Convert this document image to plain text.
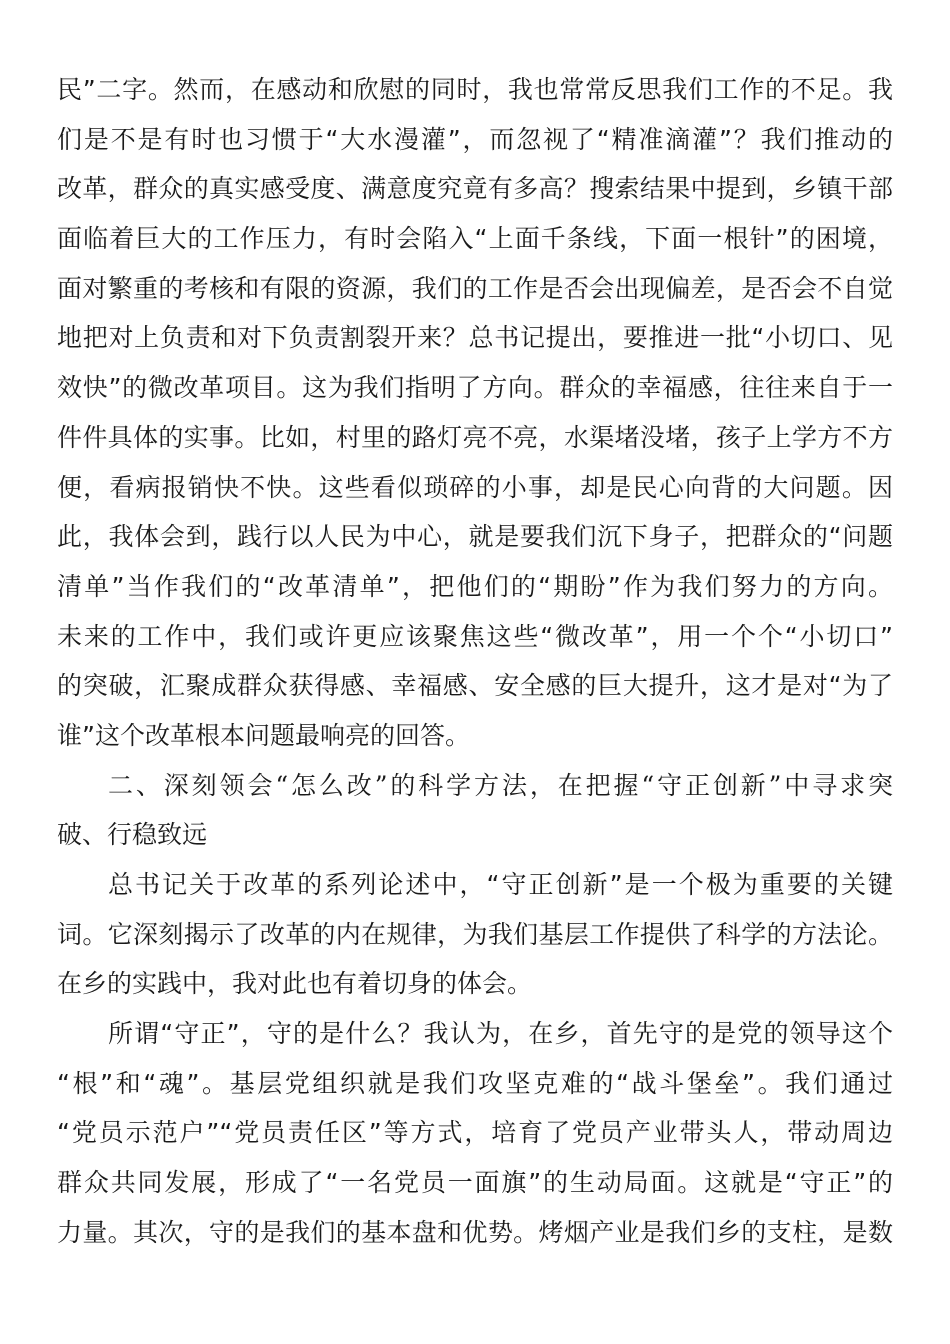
民”二字。然而，在感动和欣慰的同时，我也常常反思我们工作的不足。我
们是不是有时也习惯于“大水漫灌”，而忽视了“精准滴灌”？我们推动的
改革，群众的真实感受度、满意度究竟有多高？搜索结果中提到，乡镇干部
面临着巨大的工作压力，有时会陷入“上面千条线，下面一根针”的困境，
面对繁重的考核和有限的资源，我们的工作是否会出现偏差，是否会不自觉
地把对上负责和对下负责割裂开来？总书记提出，要推进一批“小切口、见
效快”的微改革项目。这为我们指明了方向。群众的幸福感，往往来自于一
件件具体的实事。比如，村里的路灯亮不亮，水渠堵没堵，孩子上学方不方
便，看病报销快不快。这些看似琐碎的小事，却是民心向背的大问题。因
此，我体会到，践行以人民为中心，就是要我们沉下身子，把群众的“问题
清单”当作我们的“改革清单”，把他们的“期盼”作为我们努力的方向。
未来的工作中，我们或许更应该聚焦这些“微改革”，用一个个“小切口”
的突破，汇聚成群众获得感、幸福感、安全感的巨大提升，这才是对“为了
谁”这个改革根本问题最响亮的回答。
二、深刻领会“怎么改”的科学方法，在把握“守正创新”中寻求突
破、行稳致远
总书记关于改革的系列论述中，“守正创新”是一个极为重要的关键
词。它深刻揭示了改革的内在规律，为我们基层工作提供了科学的方法论。
在乡的实践中，我对此也有着切身的体会。
所谓“守正”，守的是什么？我认为，在乡，首先守的是党的领导这个
“根”和“魂”。基层党组织就是我们攻坚克难的“战斗堡垒”。我们通过
“党员示范户”“党员责任区”等方式，培育了党员产业带头人，带动周边
群众共同发展，形成了“一名党员一面旗”的生动局面。这就是“守正”的
力量。其次，守的是我们的基本盘和优势。烤烟产业是我们乡的支柱，是数
